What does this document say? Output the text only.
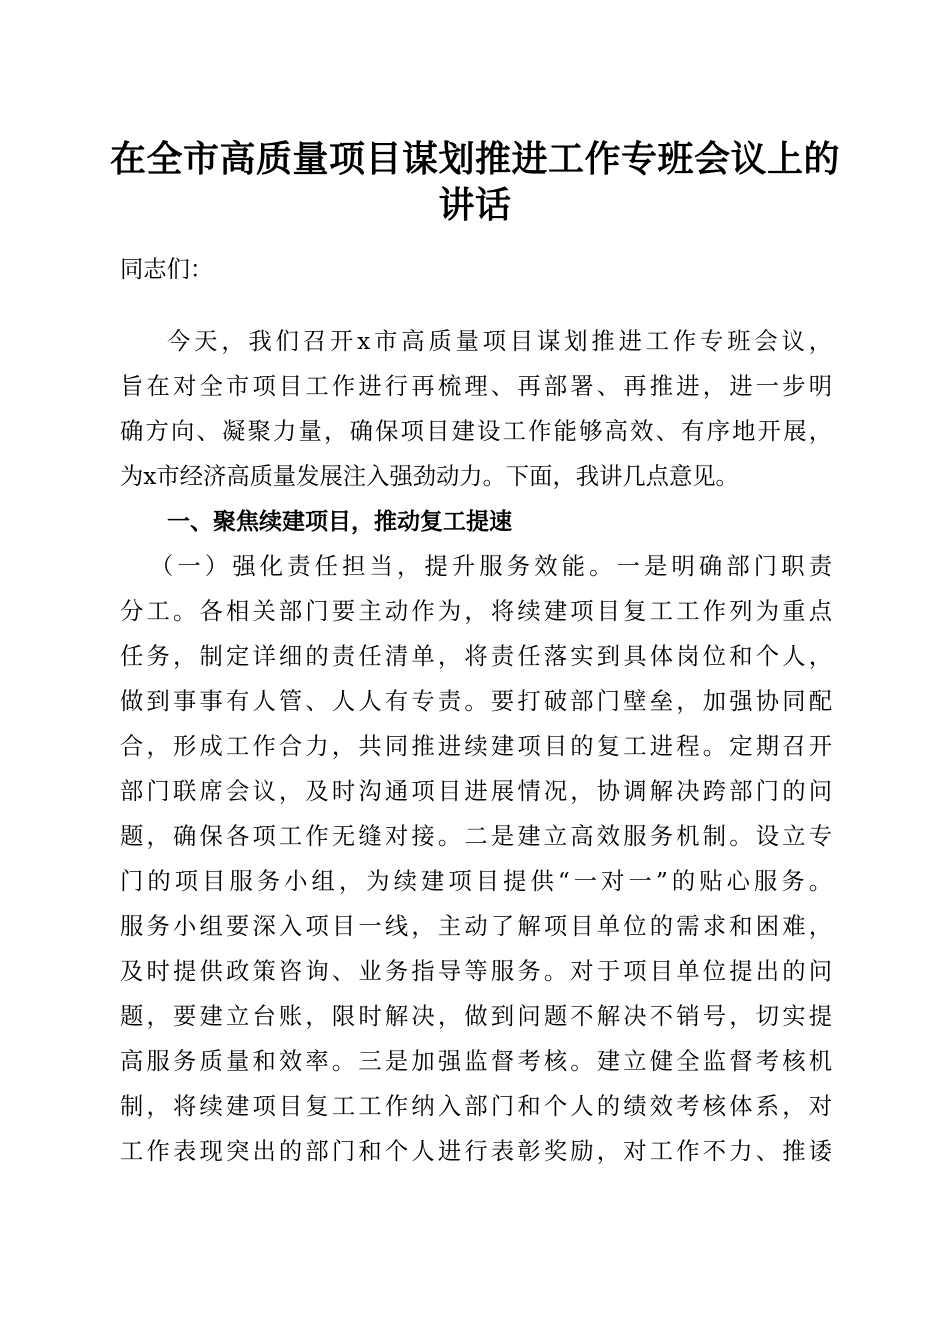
在全市高质量项目谋划推进工作专班会议上的
讲话
同志们：
今天，我们召开x市高质量项目谋划推进工作专班会议，
旨在对全市项目工作进行再梳理、再部署、再推进，进一步明
确方向、凝聚力量，确保项目建设工作能够高效、有序地开展，
为x市经济高质量发展注入强劲动力。下面，我讲几点意见。
一、聚焦续建项目，推动复工提速
（一）强化责任担当，提升服务效能。一是明确部门职责
分工。各相关部门要主动作为，将续建项目复工工作列为重点
任务，制定详细的责任清单，将责任落实到具体岗位和个人，
做到事事有人管、人人有专责。要打破部门壁垒，加强协同配
合，形成工作合力，共同推进续建项目的复工进程。定期召开
部门联席会议，及时沟通项目进展情况，协调解决跨部门的问
题，确保各项工作无缝对接。二是建立高效服务机制。设立专
门的项目服务小组，为续建项目提供“一对一”的贴心服务。
服务小组要深入项目一线，主动了解项目单位的需求和困难，
及时提供政策咨询、业务指导等服务。对于项目单位提出的问
题，要建立台账，限时解决，做到问题不解决不销号，切实提
高服务质量和效率。三是加强监督考核。建立健全监督考核机
制，将续建项目复工工作纳入部门和个人的绩效考核体系，对
工作表现突出的部门和个人进行表彰奖励，对工作不力、推诿
